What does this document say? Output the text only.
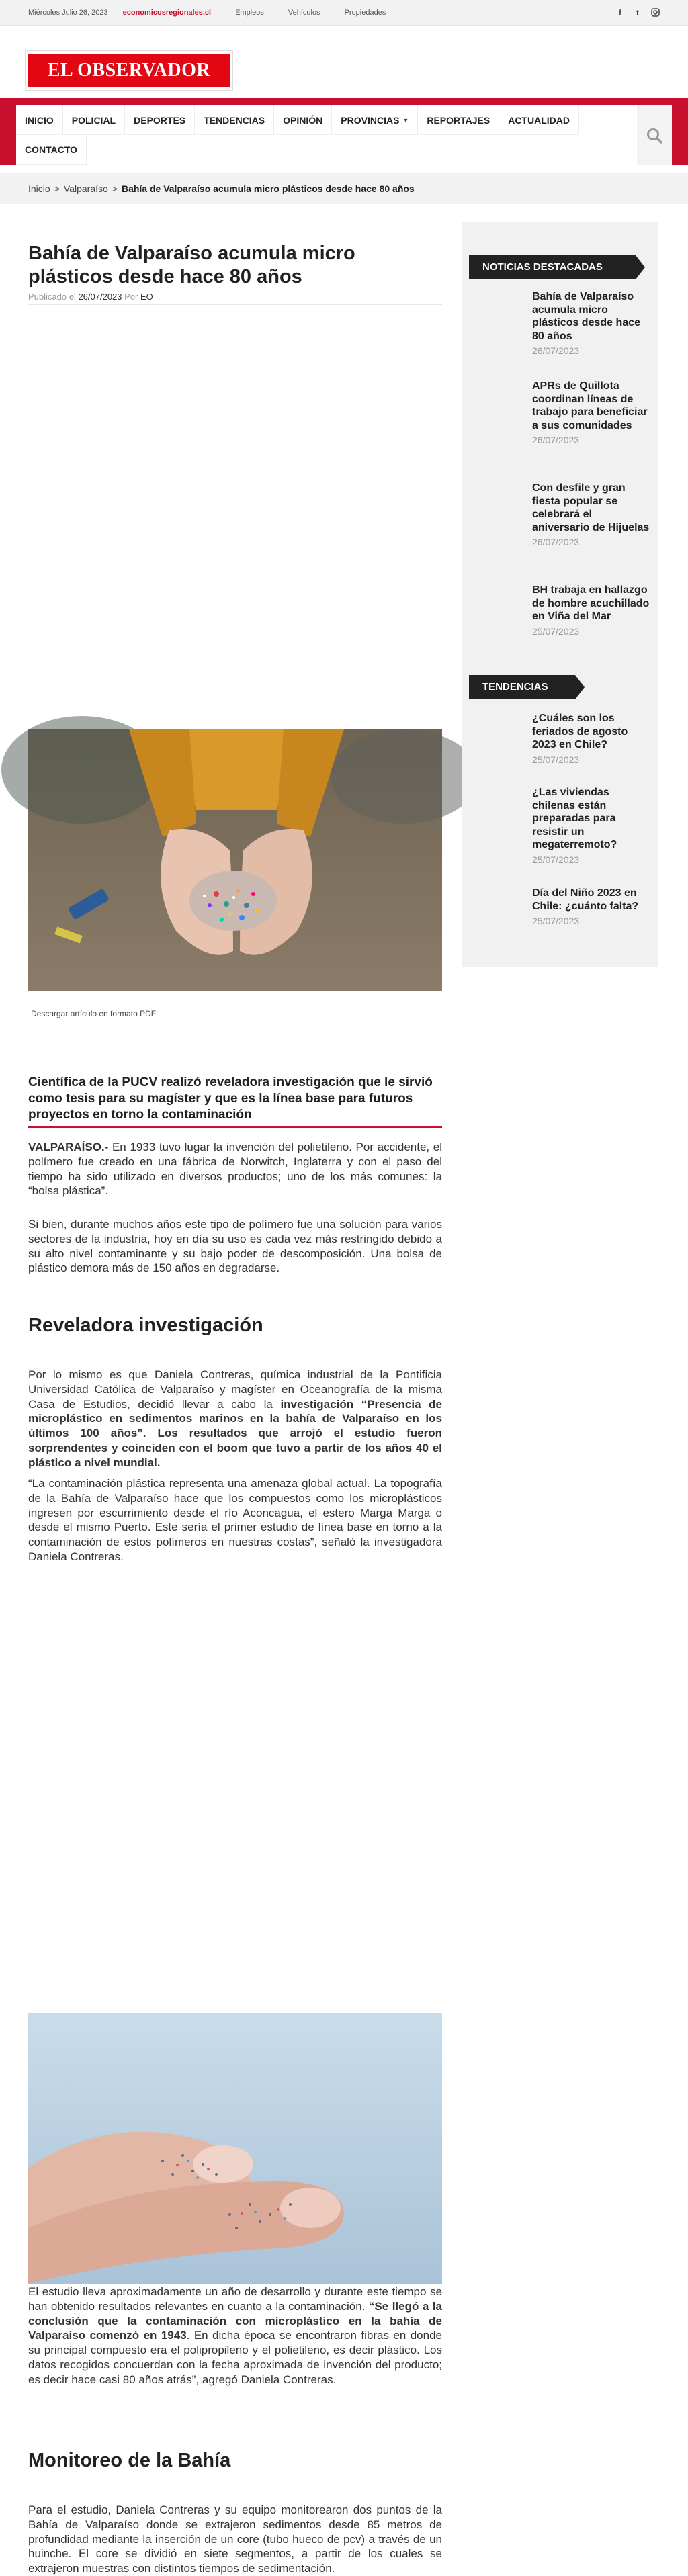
Miércoles Julio 26, 2023 economicosregionales.cl	Empleos	Vehículos	Propiedades	f	t
EL OBSERVADOR
INICIO POLICIAL DEPORTES TENDENCIAS OPINIÓN PROVINCIAS ▼ REPORTAJES ACTUALIDAD
CONTACTO
Inicio > Valparaíso > Bahía de Valparaíso acumula micro plásticos desde hace 80 años
Bahía de Valparaíso acumula micro plásticos desde hace 80 años
Publicado el 26/07/2023 Por EO
Descargar artículo en formato PDF
Científica de la PUCV realizó reveladora investigación que le sirvió como tesis para su magíster y que es la línea base para futuros proyectos en torno la contaminación

VALPARAÍSO.- En 1933 tuvo lugar la invención del polietileno. Por accidente, el polímero fue creado en una fábrica de Norwitch, Inglaterra y con el paso del tiempo ha sido utilizado en diversos productos; uno de los más comunes: la “bolsa plástica”.

Si bien, durante muchos años este tipo de polímero fue una solución para varios sectores de la industria, hoy en día su uso es cada vez más restringido debido a su alto nivel contaminante y su bajo poder de descomposición. Una bolsa de plástico demora más de 150 años en degradarse.

Reveladora investigación

Por lo mismo es que Daniela Contreras, química industrial de la Pontificia Universidad Católica de Valparaíso y magíster en Oceanografía de la misma Casa de Estudios, decidió llevar a cabo la investigación “Presencia de microplástico en sedimentos marinos en la bahía de Valparaíso en los últimos 100 años”. Los resultados que arrojó el estudio fueron sorprendentes y coinciden con el boom que tuvo a partir de los años 40 el plástico a nivel mundial.

“La contaminación plástica representa una amenaza global actual. La topografía de la Bahía de Valparaíso hace que los compuestos como los microplásticos ingresen por escurrimiento desde el río Aconcagua, el estero Marga Marga o desde el mismo Puerto. Este sería el primer estudio de línea base en torno a la contaminación de estos polímeros en nuestras costas”, señaló la investigadora Daniela Contreras.

El estudio lleva aproximadamente un año de desarrollo y durante este tiempo se han obtenido resultados relevantes en cuanto a la contaminación. “Se llegó a la conclusión que la contaminación con microplástico en la bahía de Valparaíso comenzó en 1943. En dicha época se encontraron fibras en donde su principal compuesto era el polipropileno y el polietileno, es decir plástico. Los datos recogidos concuerdan con la fecha aproximada de invención del producto; es decir hace casi 80 años atrás”, agregó Daniela Contreras.

Monitoreo de la Bahía

Para el estudio, Daniela Contreras y su equipo monitorearon dos puntos de la Bahía de Valparaíso donde se extrajeron sedimentos desde 85 metros de profundidad mediante la inserción de un core (tubo hueco de pcv) a través de un huinche. El core se dividió en siete segmentos, a partir de los cuales se extrajeron muestras con distintos tiempos de sedimentación.

NOTICIAS DESTACADAS
Bahía de Valparaíso acumula micro plásticos desde hace 80 años
26/07/2023
APRs de Quillota coordinan líneas de trabajo para beneficiar a sus comunidades
26/07/2023
Con desfile y gran fiesta popular se celebrará el aniversario de Hijuelas
26/07/2023
BH trabaja en hallazgo de hombre acuchillado en Viña del Mar
25/07/2023
TENDENCIAS
¿Cuáles son los feriados de agosto 2023 en Chile?
25/07/2023
¿Las viviendas chilenas están preparadas para resistir un megaterremoto?
25/07/2023
Día del Niño 2023 en Chile: ¿cuánto falta?
25/07/2023
